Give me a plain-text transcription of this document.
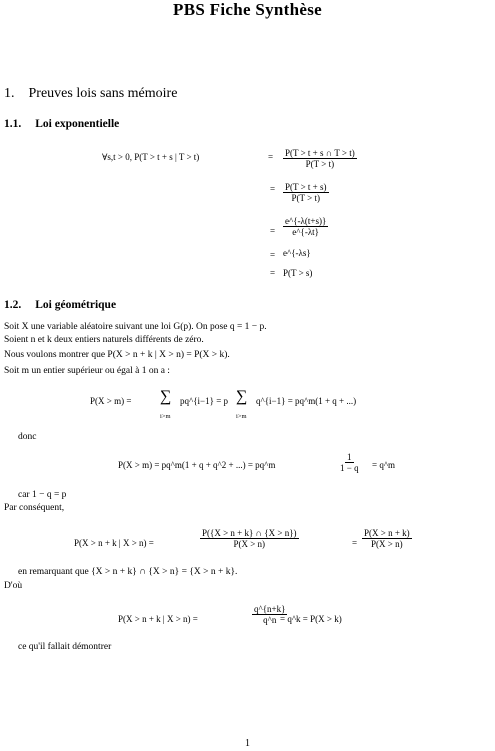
PBS Fiche Synthèse
1. Preuves lois sans mémoire
1.1. Loi exponentielle
∀s,t > 0, P(T > t + s | T > t)	= $\frac{P(T > t + s \cap T > t)}{P(T > t)}$
= $\frac{P(T > t + s)}{P(T > t)}$
= $\frac{e\^{}\{-\lambda(t+s)\}}{e\^{}\{-\lambda t\}}$
= e^{-λs}
= P(T > s)
1.2. Loi géométrique
Soit X une variable aléatoire suivant une loi G(p). On pose q = 1 − p.
Soient n et k deux entiers naturels différents de zéro.
Nous voulons montrer que P(X > n + k | X > n) = P(X > k).
Soit m un entier supérieur ou égal à 1 on a :
P(X > m) = ∑
i>m
pq^{i−1} = p ∑
i>m
q^{i−1} = pq^m(1 + q + ...)
donc
P(X > m) = pq^m(1 + q + q^2 + ...) = pq^m	$\frac{1}{1 - q}$ = q^m
car 1 − q = p
Par conséquent,
P(X > n + k | X > n) =	$\frac{P(\{X > n + k\} \cap \{X > n\})}{P(X > n)}$	= $\frac{P(X > n + k)}{P(X > n)}$
en remarquant que {X > n + k} ∩ {X > n} = {X > n + k}.
D'où
P(X > n + k | X > n) =	$\frac{q\^{}\{n+k\}}{q\^{}n}$
= q^k = P(X > k)
ce qu'il fallait démontrer
1
